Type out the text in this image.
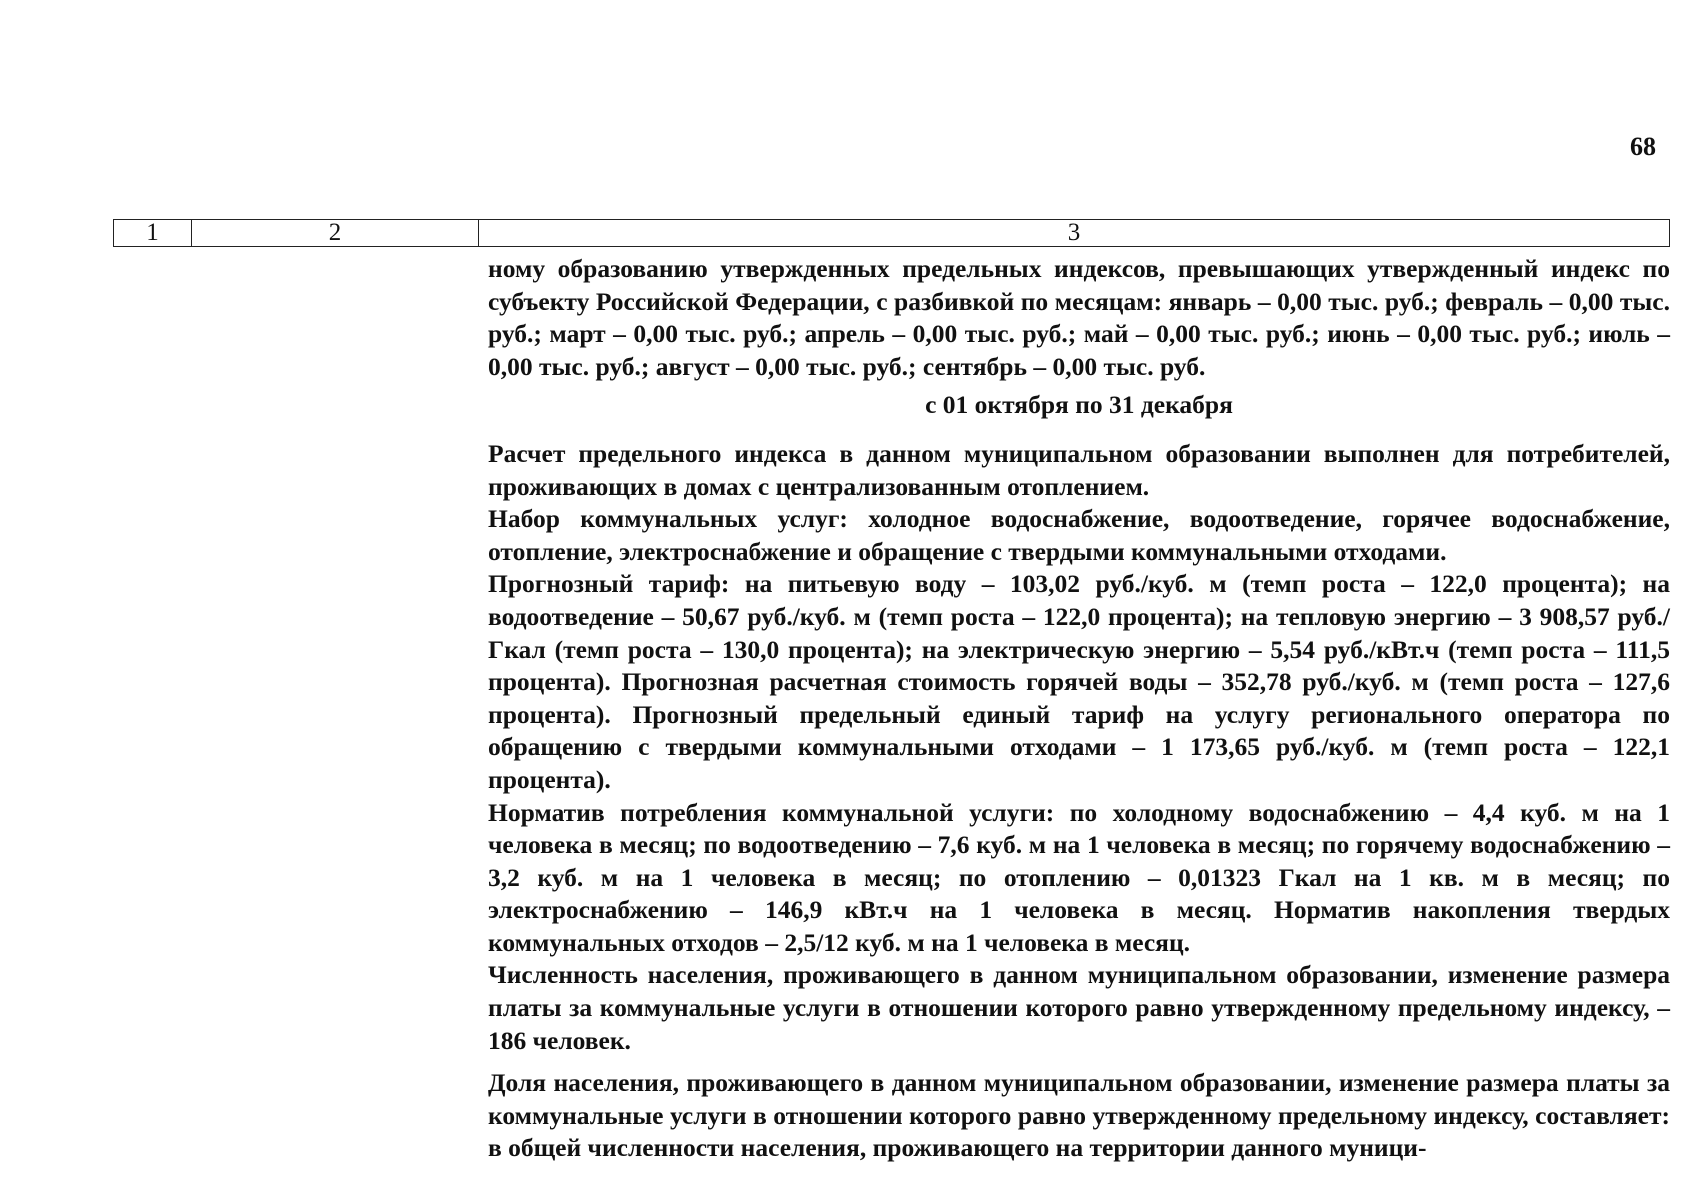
68
1	2	3

ному образованию утвержденных предельных индексов, превышающих утвержденный индекс по субъекту Российской Федерации, с разбивкой по месяцам: январь – 0,00 тыс. руб.; февраль – 0,00 тыс. руб.; март – 0,00 тыс. руб.; апрель – 0,00 тыс. руб.; май – 0,00 тыс. руб.; июнь – 0,00 тыс. руб.; июль – 0,00 тыс. руб.; август – 0,00 тыс. руб.; сентябрь – 0,00 тыс. руб.

с 01 октября по 31 декабря

Расчет предельного индекса в данном муниципальном образовании выполнен для потребителей, проживающих в домах с централизованным отоплением.

Набор коммунальных услуг: холодное водоснабжение, водоотведение, горячее водоснабжение, отопление, электроснабжение и обращение с твердыми коммунальными отходами.

Прогнозный тариф: на питьевую воду – 103,02 руб./куб. м (темп роста – 122,0 процента); на водоотведение – 50,67 руб./куб. м (темп роста – 122,0 процента); на тепловую энергию – 3 908,57 руб./Гкал (темп роста – 130,0 процента); на электрическую энергию – 5,54 руб./кВт.ч (темп роста – 111,5 процента). Прогнозная расчетная стоимость горячей воды – 352,78 руб./куб. м (темп роста – 127,6 процента). Прогнозный предельный единый тариф на услугу регионального оператора по обращению с твердыми коммунальными отходами – 1 173,65 руб./куб. м (темп роста – 122,1 процента).

Норматив потребления коммунальной услуги: по холодному водоснабжению – 4,4 куб. м на 1 человека в месяц; по водоотведению – 7,6 куб. м на 1 человека в месяц; по горячему водоснабжению – 3,2 куб. м на 1 человека в месяц; по отоплению – 0,01323 Гкал на 1 кв. м в месяц; по электроснабжению – 146,9 кВт.ч на 1 человека в месяц. Норматив накопления твердых коммунальных отходов – 2,5/12 куб. м на 1 человека в месяц.

Численность населения, проживающего в данном муниципальном образовании, изменение размера платы за коммунальные услуги в отношении которого равно утвержденному предельному индексу, – 186 человек.

Доля населения, проживающего в данном муниципальном образовании, изменение размера платы за коммунальные услуги в отношении которого равно утвержденному предельному индексу, составляет: в общей численности населения, проживающего на территории данного муници-
